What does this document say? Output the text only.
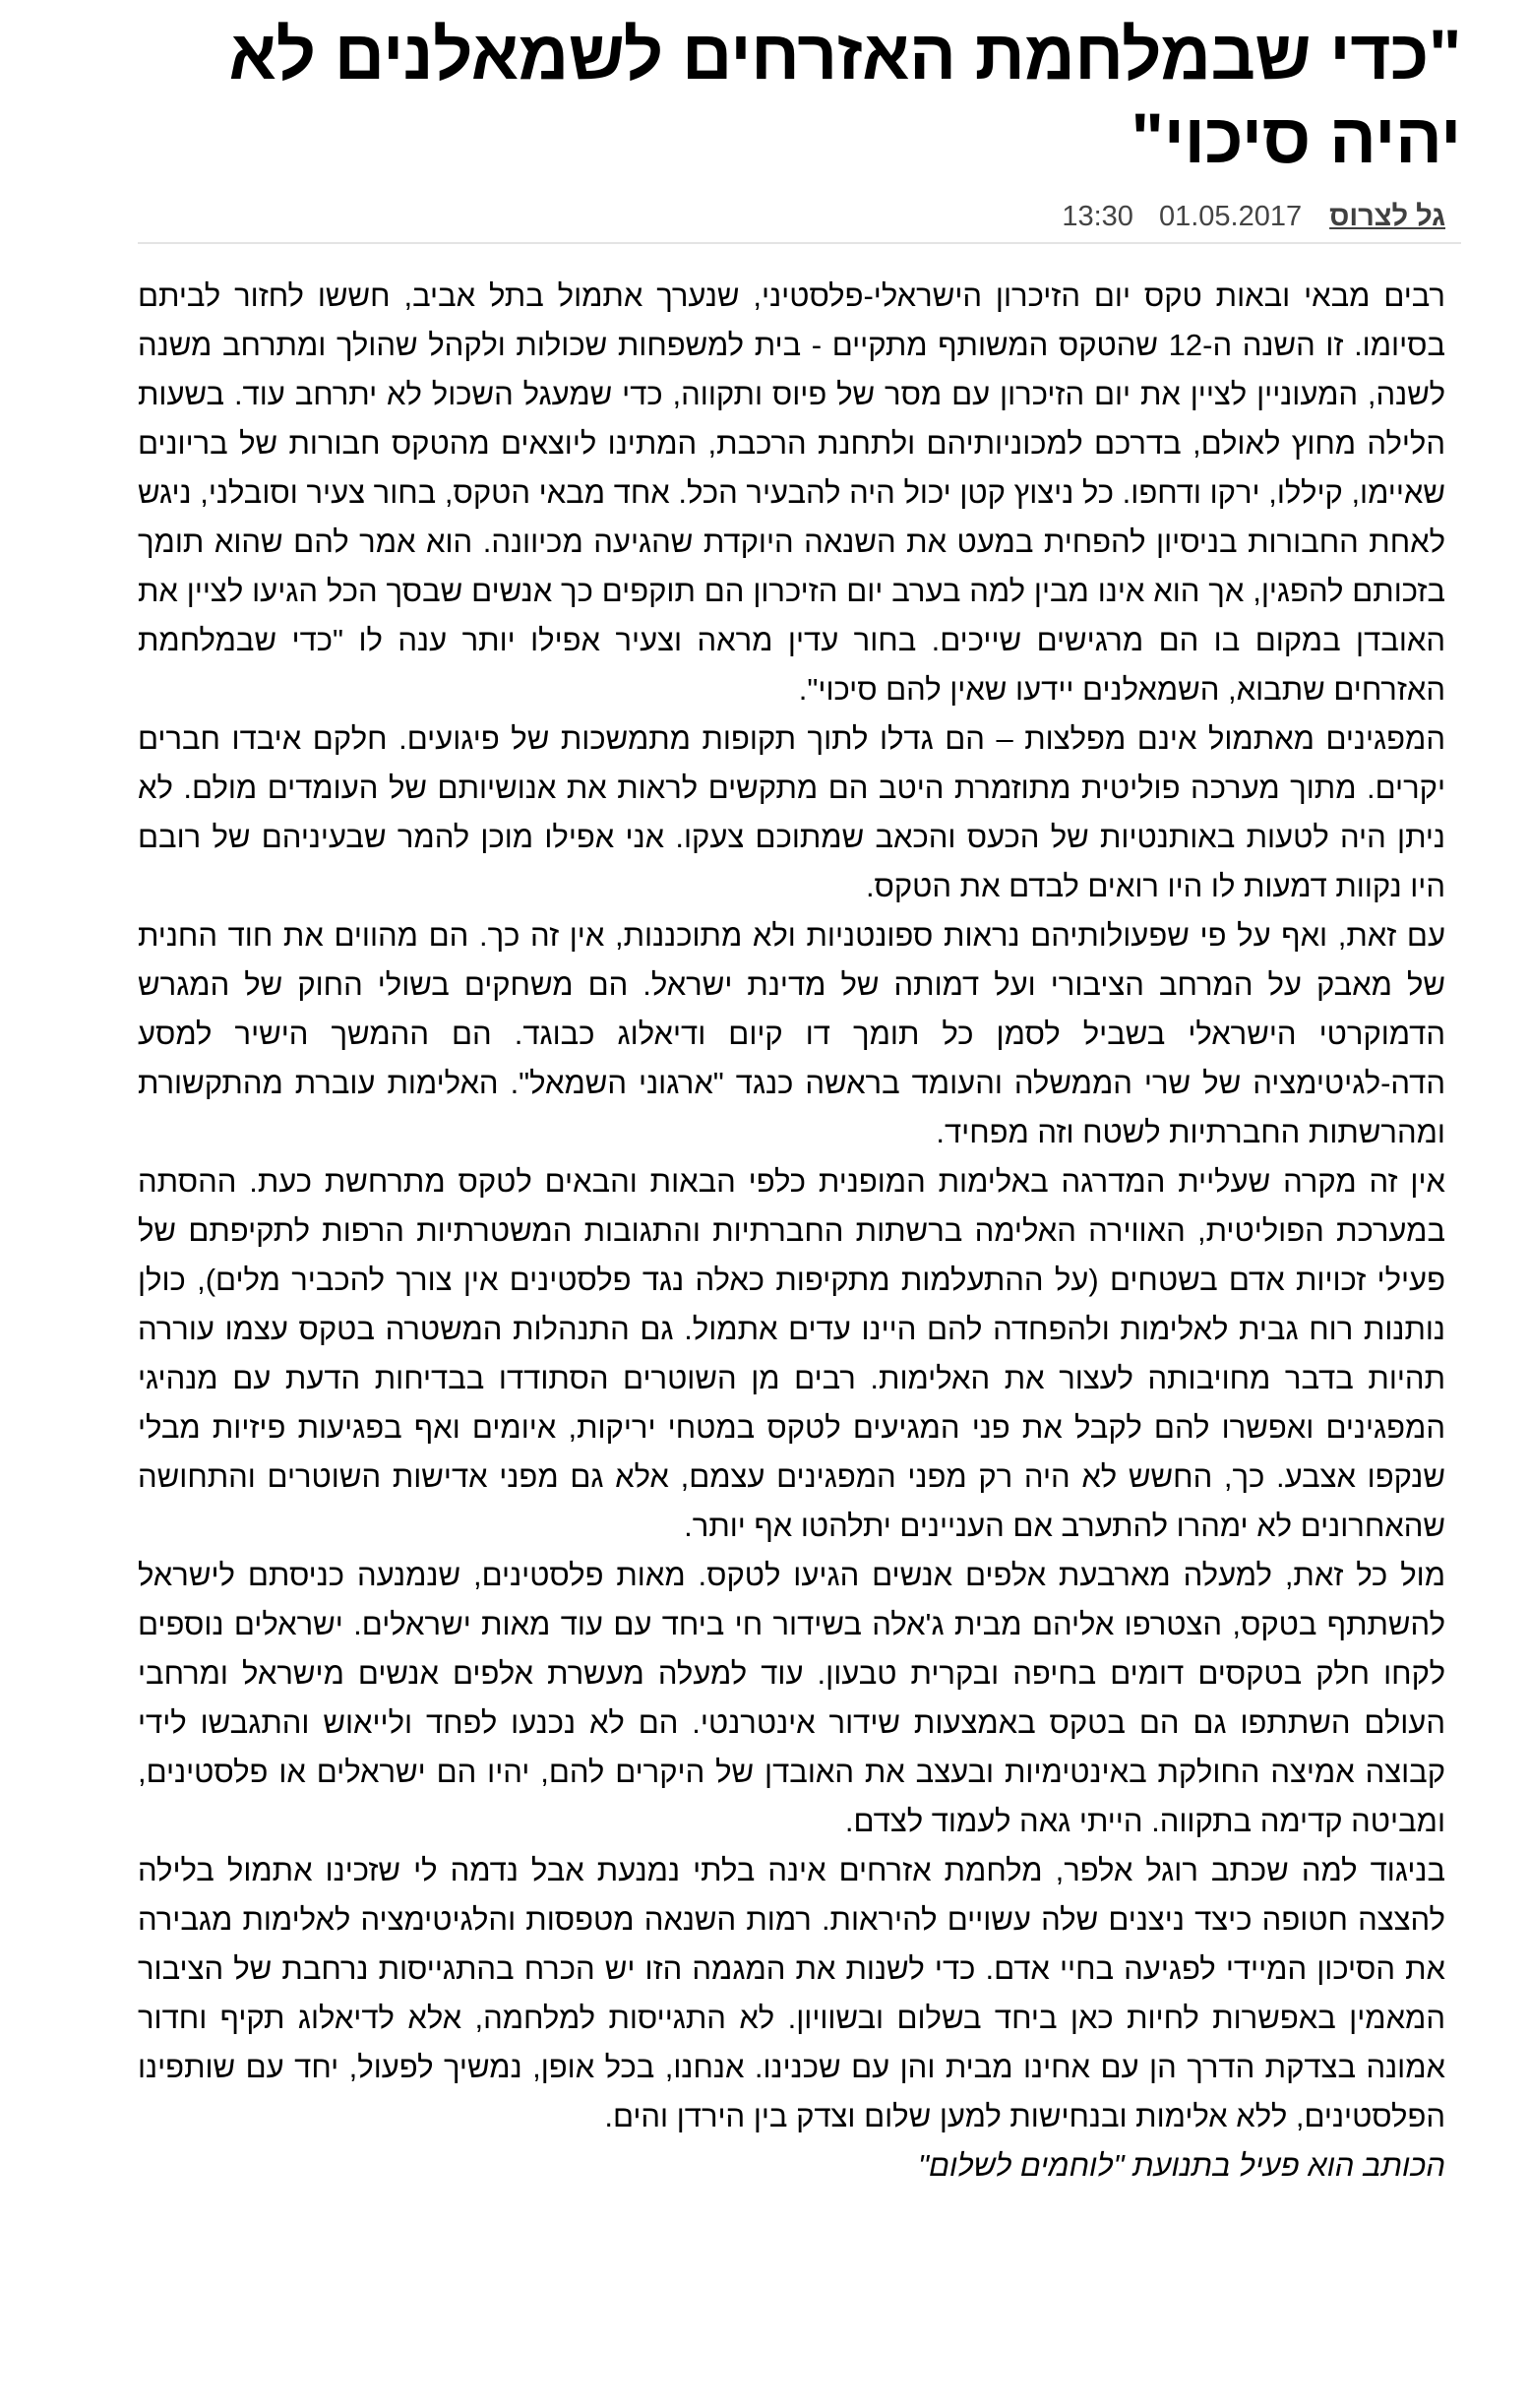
"כדי שבמלחמת האזרחים לשמאלנים לא יהיה סיכוי"
גל לצרוס
01.05.2017
13:30

רבים מבאי ובאות טקס יום הזיכרון הישראלי-פלסטיני, שנערך אתמול בתל אביב, חששו לחזור לביתם בסיומו. זו השנה ה-12 שהטקס המשותף מתקיים - בית למשפחות שכולות ולקהל שהולך ומתרחב משנה לשנה, המעוניין לציין את יום הזיכרון עם מסר של פיוס ותקווה, כדי שמעגל השכול לא יתרחב עוד. בשעות הלילה מחוץ לאולם, בדרכם למכוניותיהם ולתחנת הרכבת, המתינו ליוצאים מהטקס חבורות של בריונים שאיימו, קיללו, ירקו ודחפו. כל ניצוץ קטן יכול היה להבעיר הכל. אחד מבאי הטקס, בחור צעיר וסובלני, ניגש לאחת החבורות בניסיון להפחית במעט את השנאה היוקדת שהגיעה מכיוונה. הוא אמר להם שהוא תומך בזכותם להפגין, אך הוא אינו מבין למה בערב יום הזיכרון הם תוקפים כך אנשים שבסך הכל הגיעו לציין את האובדן במקום בו הם מרגישים שייכים. בחור עדין מראה וצעיר אפילו יותר ענה לו "כדי שבמלחמת האזרחים שתבוא, השמאלנים יידעו שאין להם סיכוי".

המפגינים מאתמול אינם מפלצות – הם גדלו לתוך תקופות מתמשכות של פיגועים. חלקם איבדו חברים יקרים. מתוך מערכה פוליטית מתוזמרת היטב הם מתקשים לראות את אנושיותם של העומדים מולם. לא ניתן היה לטעות באותנטיות של הכעס והכאב שמתוכם צעקו. אני אפילו מוכן להמר שבעיניהם של רובם היו נקוות דמעות לו היו רואים לבדם את הטקס.

עם זאת, ואף על פי שפעולותיהם נראות ספונטניות ולא מתוכננות, אין זה כך. הם מהווים את חוד החנית של מאבק על המרחב הציבורי ועל דמותה של מדינת ישראל. הם משחקים בשולי החוק של המגרש הדמוקרטי הישראלי בשביל לסמן כל תומך דו קיום ודיאלוג כבוגד. הם ההמשך הישיר למסע הדה-לגיטימציה של שרי הממשלה והעומד בראשה כנגד "ארגוני השמאל". האלימות עוברת מהתקשורת ומהרשתות החברתיות לשטח וזה מפחיד.

אין זה מקרה שעליית המדרגה באלימות המופנית כלפי הבאות והבאים לטקס מתרחשת כעת. ההסתה במערכת הפוליטית, האווירה האלימה ברשתות החברתיות והתגובות המשטרתיות הרפות לתקיפתם של פעילי זכויות אדם בשטחים (על ההתעלמות מתקיפות כאלה נגד פלסטינים אין צורך להכביר מלים), כולן נותנות רוח גבית לאלימות ולהפחדה להם היינו עדים אתמול. גם התנהלות המשטרה בטקס עצמו עוררה תהיות בדבר מחויבותה לעצור את האלימות. רבים מן השוטרים הסתודדו בבדיחות הדעת עם מנהיגי המפגינים ואפשרו להם לקבל את פני המגיעים לטקס במטחי יריקות, איומים ואף בפגיעות פיזיות מבלי שנקפו אצבע. כך, החשש לא היה רק מפני המפגינים עצמם, אלא גם מפני אדישות השוטרים והתחושה שהאחרונים לא ימהרו להתערב אם העניינים יתלהטו אף יותר.

מול כל זאת, למעלה מארבעת אלפים אנשים הגיעו לטקס. מאות פלסטינים, שנמנעה כניסתם לישראל להשתתף בטקס, הצטרפו אליהם מבית ג'אלה בשידור חי ביחד עם עוד מאות ישראלים. ישראלים נוספים לקחו חלק בטקסים דומים בחיפה ובקרית טבעון. עוד למעלה מעשרת אלפים אנשים מישראל ומרחבי העולם השתתפו גם הם בטקס באמצעות שידור אינטרנטי. הם לא נכנעו לפחד ולייאוש והתגבשו לידי קבוצה אמיצה החולקת באינטימיות ובעצב את האובדן של היקרים להם, יהיו הם ישראלים או פלסטינים, ומביטה קדימה בתקווה. הייתי גאה לעמוד לצדם.

בניגוד למה שכתב רוגל אלפר, מלחמת אזרחים אינה בלתי נמנעת אבל נדמה לי שזכינו אתמול בלילה להצצה חטופה כיצד ניצנים שלה עשויים להיראות. רמות השנאה מטפסות והלגיטימציה לאלימות מגבירה את הסיכון המיידי לפגיעה בחיי אדם. כדי לשנות את המגמה הזו יש הכרח בהתגייסות נרחבת של הציבור המאמין באפשרות לחיות כאן ביחד בשלום ובשוויון. לא התגייסות למלחמה, אלא לדיאלוג תקיף וחדור אמונה בצדקת הדרך הן עם אחינו מבית והן עם שכנינו. אנחנו, בכל אופן, נמשיך לפעול, יחד עם שותפינו הפלסטינים, ללא אלימות ובנחישות למען שלום וצדק בין הירדן והים.

הכותב הוא פעיל בתנועת "לוחמים לשלום"
